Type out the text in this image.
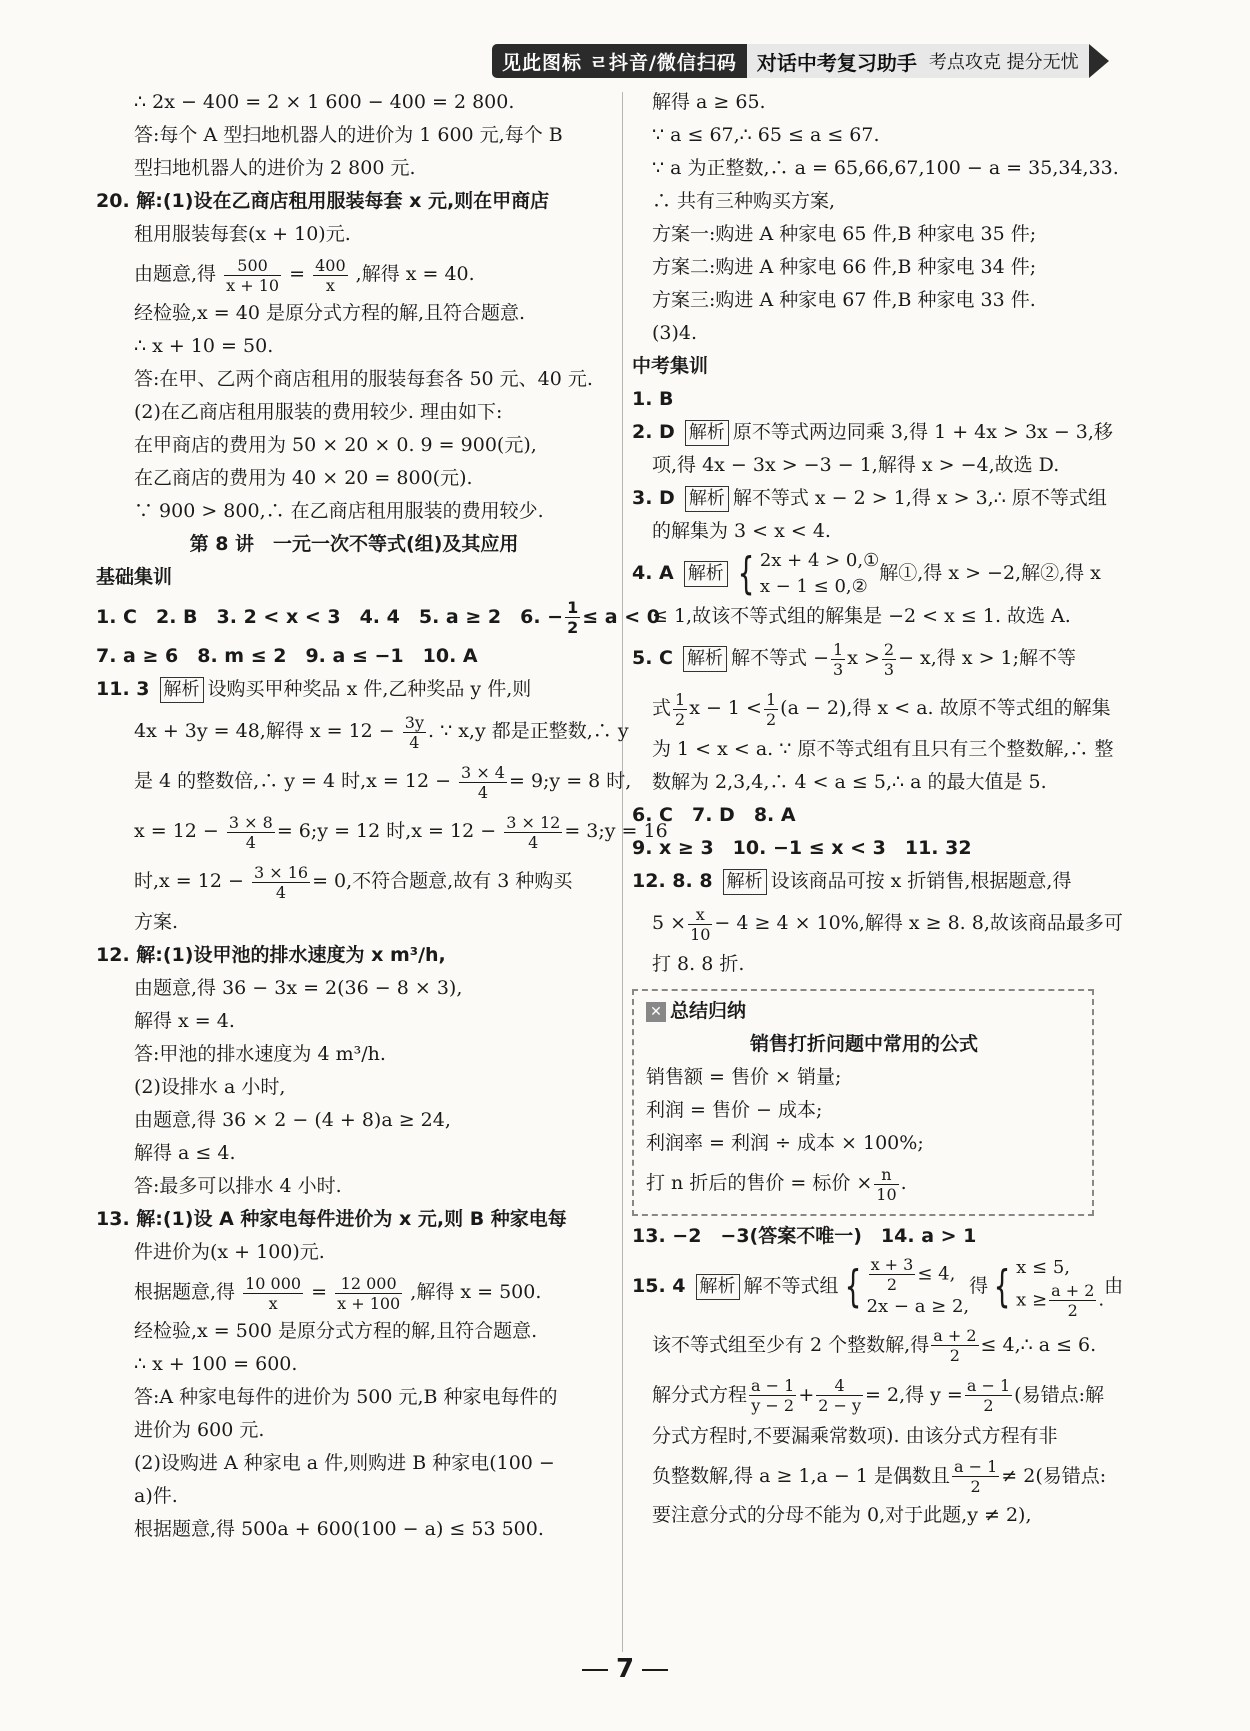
见此图标 ㄹ抖音/微信扫码	对话中考复习助手 考点攻克 提分无忧
∴ 2x − 400 = 2 × 1 600 − 400 = 2 800.
答:每个 A 型扫地机器人的进价为 1 600 元,每个 B
型扫地机器人的进价为 2 800 元.
20. 解:(1)设在乙商店租用服装每套 x 元,则在甲商店
租用服装每套(x + 10)元.
由题意,得 $\frac{500}{x + 10} = \frac{400}{x}$ ,解得 x = 40.
经检验,x = 40 是原分式方程的解,且符合题意.
∴ x + 10 = 50.
答:在甲、乙两个商店租用的服装每套各 50 元、40 元.
(2)在乙商店租用服装的费用较少. 理由如下:
在甲商店的费用为 50 × 20 × 0. 9 = 900(元),
在乙商店的费用为 40 × 20 = 800(元).
∵ 900 > 800,∴ 在乙商店租用服装的费用较少.
第 8 讲　一元一次不等式(组)及其应用
基础集训
1. C　2. B　3. 2 < x < 3　4. 4　5. a ≥ 2　6. − $\frac{1}{2} \le a < 0$
7. a ≥ 6　8. m ≤ 2　9. a ≤ −1　10. A
11. 3 解析 设购买甲种奖品 x 件,乙种奖品 y 件,则
4x + 3y = 48,解得 $x = 12 - \frac{3y}{4}$ . ∵ x,y 都是正整数,∴ y
是 4 的整数倍,∴ y = 4 时$,x = 12 - \frac{3 \times 4}{4}$ = 9;y = 8 时,
$x = 12 - \frac{3 \times 8}{4}$ = 6;y = 12 时$,x = 12 - \frac{3 \times 12}{4}$ = 3;y = 16
时$,x = 12 - \frac{3 \times 16}{4} = 0$,不符合题意,故有 3 种购买
方案.
12. 解:(1)设甲池的排水速度为 x m³/h,
由题意,得 36 − 3x = 2(36 − 8 × 3),
解得 x = 4.
答:甲池的排水速度为 4 m³/h.
(2)设排水 a 小时,
由题意,得 36 × 2 − (4 + 8)a ≥ 24,
解得 a ≤ 4.
答:最多可以排水 4 小时.
13. 解:(1)设 A 种家电每件进价为 x 元,则 B 种家电每
件进价为(x + 100)元.
根据题意,得 $\frac{10 000}{x} = \frac{12 000}{x + 100}$ ,解得 x = 500.
经检验,x = 500 是原分式方程的解,且符合题意.
∴ x + 100 = 600.
答:A 种家电每件的进价为 500 元,B 种家电每件的
进价为 600 元.
(2)设购进 A 种家电 a 件,则购进 B 种家电(100 −
a)件.
根据题意,得 500a + 600(100 − a) ≤ 53 500.
解得 a ≥ 65.
∵ a ≤ 67,∴ 65 ≤ a ≤ 67.
∵ a 为正整数,∴ a = 65,66,67,100 − a = 35,34,33.
∴ 共有三种购买方案,
方案一:购进 A 种家电 65 件,B 种家电 35 件;
方案二:购进 A 种家电 66 件,B 种家电 34 件;
方案三:购进 A 种家电 67 件,B 种家电 33 件.
(3)4.
中考集训
1. B
2. D 解析 原不等式两边同乘 3,得 1 + 4x > 3x − 3,移
项,得 4x − 3x > −3 − 1,解得 x > −4,故选 D.
3. D 解析 解不等式 x − 2 > 1,得 x > 3,∴ 原不等式组
的解集为 3 < x < 4.
4. A 解析 { 2x + 4 > 0,①
x − 1 ≤ 0,②
解①,得 x > −2,解②,得 x
≤ 1,故该不等式组的解集是 −2 < x ≤ 1. 故选 A.
5. C 解析 解不等式 − $\frac{1}{3}$ $x > \frac{2}{3} - x$,得 x > 1;解不等
式 $\frac{1}{2}$ $x - 1 < \frac{1}{2} (a - 2)$,得 x < a. 故原不等式组的解集
为 1 < x < a. ∵ 原不等式组有且只有三个整数解,∴ 整
数解为 2,3,4,∴ 4 < a ≤ 5,∴ a 的最大值是 5.
6. C　7. D　8. A
9. x ≥ 3　10. −1 ≤ x < 3　11. 32
12. 8. 8 解析 设该商品可按 x 折销售,根据题意,得
$5 \times \frac{x}{10} - 4 \ge 4 \times 10\%$,解得 x ≥ 8. 8,故该商品最多可
打 8. 8 折.
✕ 总结归纳
销售打折问题中常用的公式
销售额 = 售价 × 销量;
利润 = 售价 − 成本;
利润率 = 利润 ÷ 成本 × 100%;
打 n 折后的售价 = 标价 × $\frac{n}{10}$ .
13. −2　−3(答案不唯一)　14. a > 1
15. 4 解析 解不等式组 { $\frac{x + 3}{2} \le 4$,
2x − a ≥ 2,
得 { x ≤ 5,
$x \ge \frac{a + 2}{2}$ .
由
该不等式组至少有 2 个整数解,得 $\frac{a + 2}{2}$ ≤ 4,∴ a ≤ 6.
解分式方程 $\frac{a - 1}{y - 2} + \frac{4}{2 - y} = 2$,得 $y = \frac{a - 1}{2}$ (易错点:解
分式方程时,不要漏乘常数项). 由该分式方程有非
负整数解,得 a ≥ 1,a − 1 是偶数且 $\frac{a - 1}{2} \ne 2$(易错点:
要注意分式的分母不能为 0,对于此题,y ≠ 2),
7
